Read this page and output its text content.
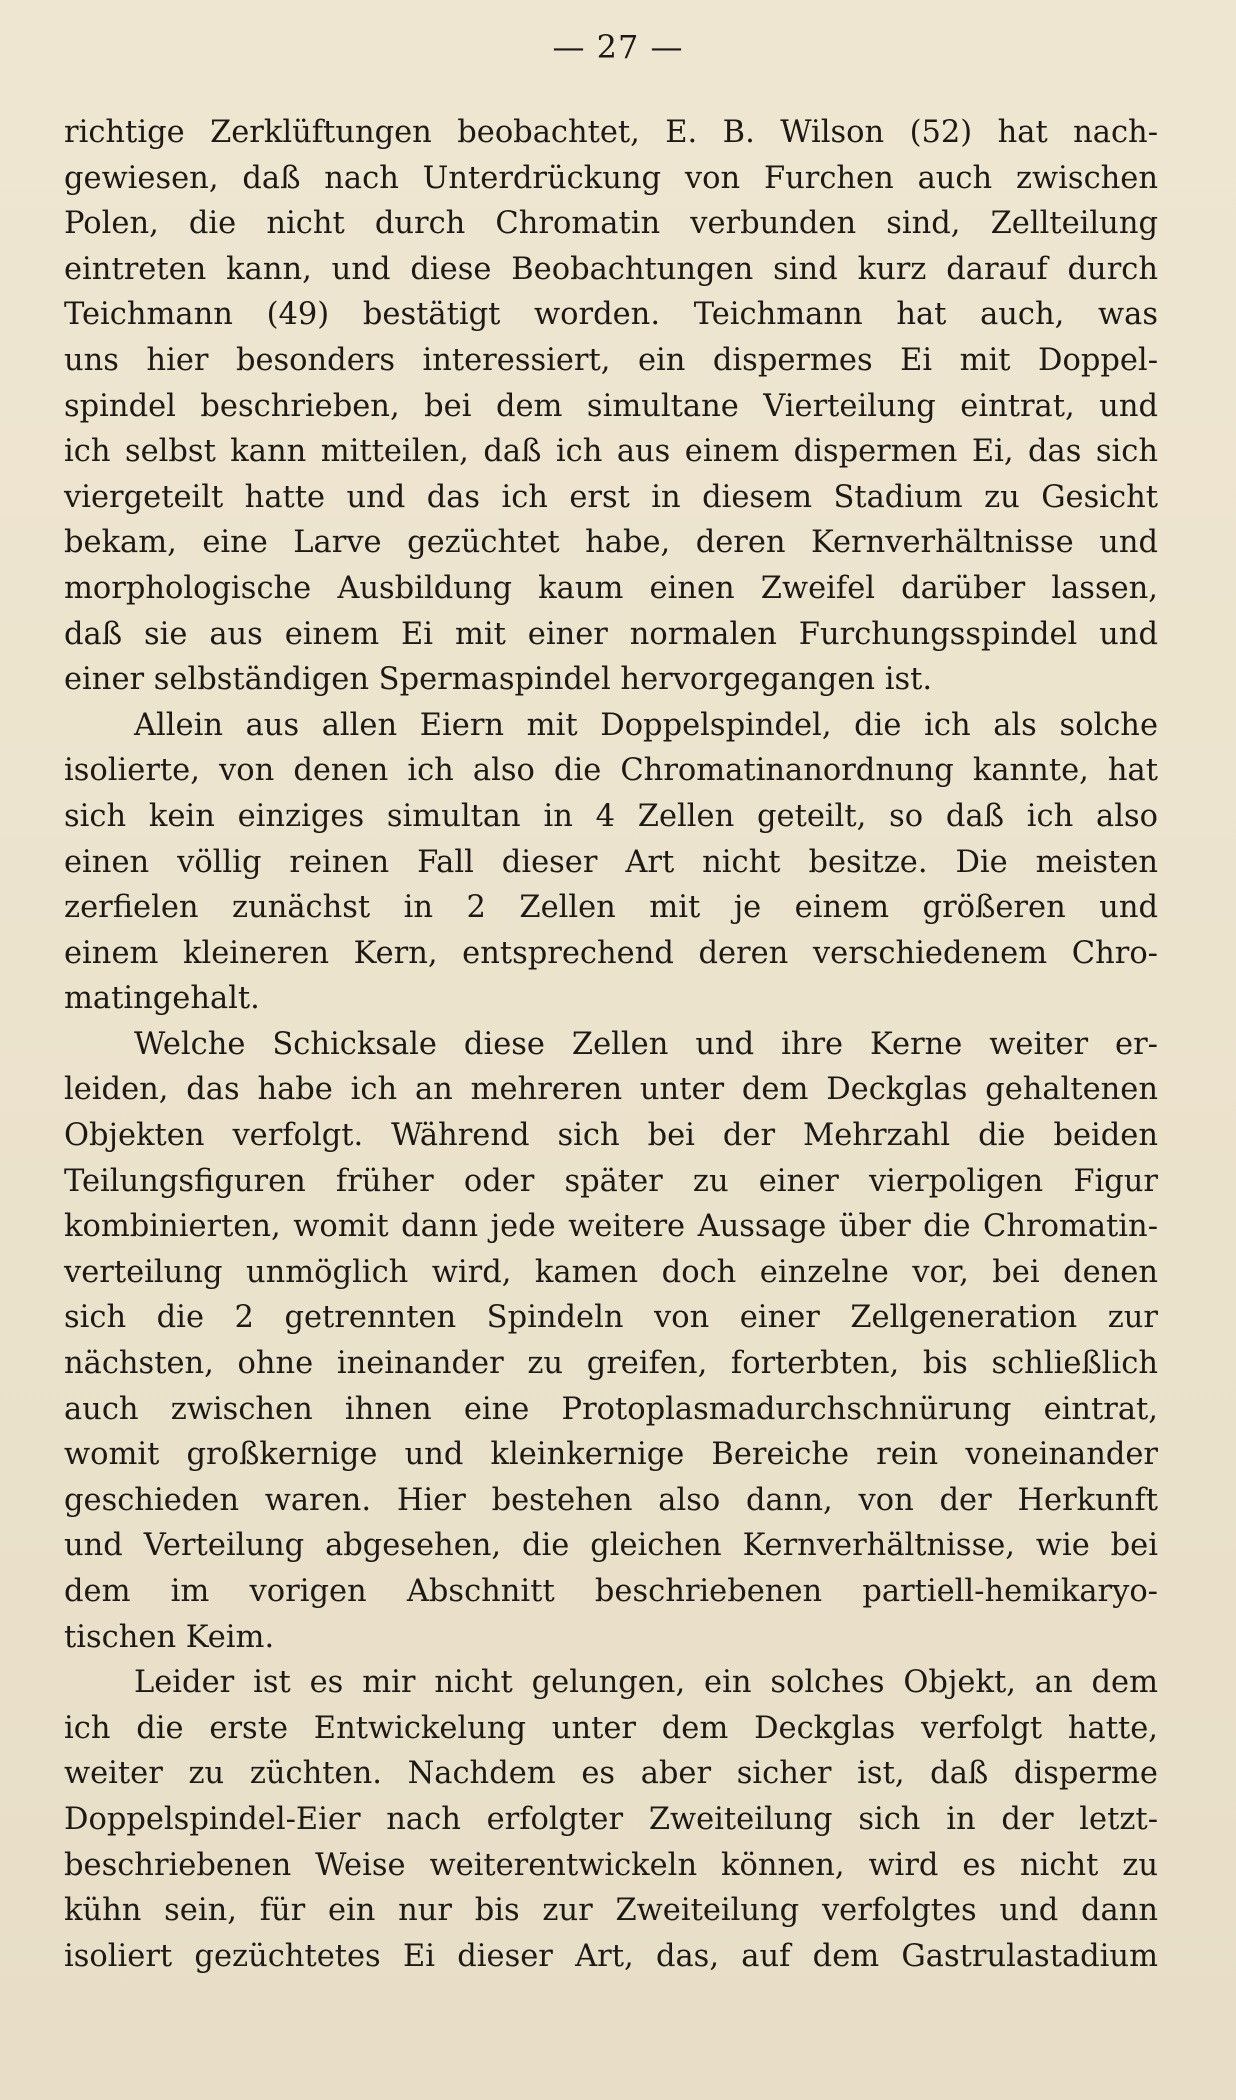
— 27 —

richtige Zerklüftungen beobachtet, E. B. Wilson (52) hat nach-
gewiesen, daß nach Unterdrückung von Furchen auch zwischen
Polen, die nicht durch Chromatin verbunden sind, Zellteilung
eintreten kann, und diese Beobachtungen sind kurz darauf durch
Teichmann (49) bestätigt worden. Teichmann hat auch, was
uns hier besonders interessiert, ein dispermes Ei mit Doppel-
spindel beschrieben, bei dem simultane Vierteilung eintrat, und
ich selbst kann mitteilen, daß ich aus einem dispermen Ei, das sich
viergeteilt hatte und das ich erst in diesem Stadium zu Gesicht
bekam, eine Larve gezüchtet habe, deren Kernverhältnisse und
morphologische Ausbildung kaum einen Zweifel darüber lassen,
daß sie aus einem Ei mit einer normalen Furchungsspindel und
einer selbständigen Spermaspindel hervorgegangen ist.

Allein aus allen Eiern mit Doppelspindel, die ich als solche
isolierte, von denen ich also die Chromatinanordnung kannte, hat
sich kein einziges simultan in 4 Zellen geteilt, so daß ich also
einen völlig reinen Fall dieser Art nicht besitze. Die meisten
zerfielen zunächst in 2 Zellen mit je einem größeren und
einem kleineren Kern, entsprechend deren verschiedenem Chro-
matingehalt.

Welche Schicksale diese Zellen und ihre Kerne weiter er-
leiden, das habe ich an mehreren unter dem Deckglas gehaltenen
Objekten verfolgt. Während sich bei der Mehrzahl die beiden
Teilungsfiguren früher oder später zu einer vierpoligen Figur
kombinierten, womit dann jede weitere Aussage über die Chromatin-
verteilung unmöglich wird, kamen doch einzelne vor, bei denen
sich die 2 getrennten Spindeln von einer Zellgeneration zur
nächsten, ohne ineinander zu greifen, forterbten, bis schließlich
auch zwischen ihnen eine Protoplasmadurchschnürung eintrat,
womit großkernige und kleinkernige Bereiche rein voneinander
geschieden waren. Hier bestehen also dann, von der Herkunft
und Verteilung abgesehen, die gleichen Kernverhältnisse, wie bei
dem im vorigen Abschnitt beschriebenen partiell-hemikaryo-
tischen Keim.

Leider ist es mir nicht gelungen, ein solches Objekt, an dem
ich die erste Entwickelung unter dem Deckglas verfolgt hatte,
weiter zu züchten. Nachdem es aber sicher ist, daß disperme
Doppelspindel-Eier nach erfolgter Zweiteilung sich in der letzt-
beschriebenen Weise weiterentwickeln können, wird es nicht zu
kühn sein, für ein nur bis zur Zweiteilung verfolgtes und dann
isoliert gezüchtetes Ei dieser Art, das, auf dem Gastrulastadium
